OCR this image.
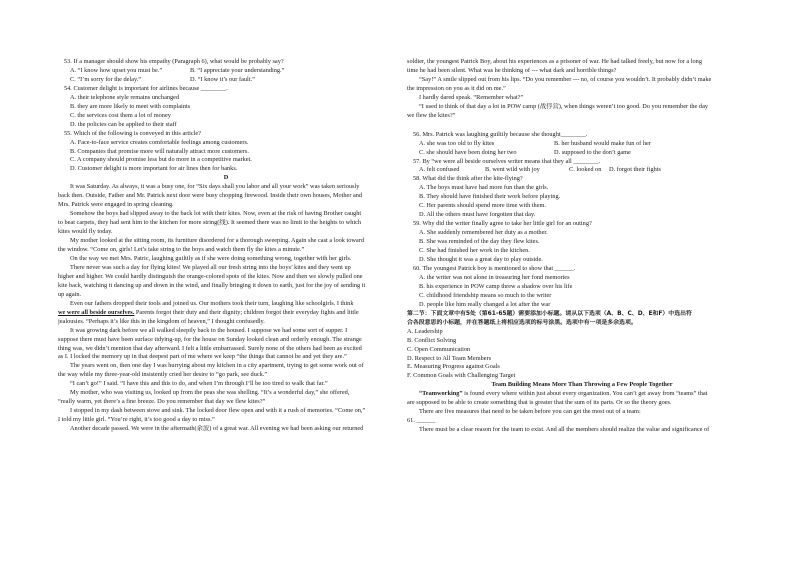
53. If a manager should show his empathy (Paragraph 6), what would be probably say?

A. “I know how upset you must be.”	B. “I appreciate your understanding.”
C. “I’m sorry for the delay.”	D. “I know it’s our fault.”

54. Customer delight is important for airlines because ________.

A. their telephone style remains unchanged

B. they are more likely to meet with complaints

C. the services cost them a lot of money

D. the policies can be applied to their staff

55. Which of the following is conveyed in this article?

A. Face-to-face service creates comfortable feelings among customers.

B. Companies that promise more will naturally attract more customers.

C. A company should promise less but do more in a competitive market.

D. Customer delight is more important for air lines then for banks.

D

It was Saturday. As always, it was a busy one, for “Six days shall you labor and all your work” was taken seriously

back then. Outside, Father and Mr. Patrick next door were busy chopping firewood. Inside their own houses, Mother and

Mrs. Patrick were engaged in spring cleaning.

Somehow the boys had slipped away to the back lot with their kites. Now, even at the risk of having Brother caught

to beat carpets, they had sent him to the kitchen for more string(线). It seemed there was no limit to the heights to which

kites would fly today.

My mother looked at the sitting room, its furniture disordered for a thorough sweeping. Again she cast a look toward

the window. “Come on, girls! Let’s take string to the boys and watch them fly the kites a minute.”

On the way we met Mrs. Patric, laughing guiltily as if she were doing something wrong, together with her girls.

There never was such a day for flying kites! We played all our fresh string into the boys’ kites and they went up

higher and higher. We could hardly distinguish the orange-colored spots of the kites. Now and then we slowly pulled one

kite back, watching it dancing up and down in the wind, and finally bringing it down to earth, just for the joy of sending it

up again.

Even our fathers dropped their tools and joined us. Our mothers took their turn, laughing like schoolgirls. I think

we were all beside ourselves. Parents forgot their duty and their dignity; children forgot their everyday fights and little

jealousies. “Perhaps it’s like this in the kingdom of heaven,” I thought confusedly.

It was growing dark before we all walked sleepily back to the housed. I suppose we had some sort of supper. I

suppose there must have been surface tidying-up, for the house on Sunday looked clean and orderly enough. The strange

thing was, we didn’t mention that day afterward. I felt a little embarrassed. Surely none of the others had been as excited

as I. I locked the memory up in that deepest part of me where we keep “the things that cannot be and yet they are.”

The years went on, then one day I was hurrying about my kitchen in a city apartment, trying to get some work out of

the way while my three-year-old insistently cried her desire to “go park, see duck.”

“I can’t go!” I said. “I have this and this to do, and when I’m through I’ll be too tired to walk that far.”

My mother, who was visiting us, looked up from the peas she was shelling. “It’s a wonderful day,” she offered,

“really warm, yet there’s a fine breeze. Do you remember that day we flew kites?”

I stopped in my dash between stove and sink. The locked door flew open and with it a rush of memories. “Come on,”

I told my little girl. “You’re right, it’s too good a day to miss.”

Another decade passed. We were in the aftermath(余波) of a great war. All evening we had been asking our returned

soldier, the youngest Patrick Boy, about his experiences as a prisoner of war. He had talked freely, but now for a long

time he had been silent. What was he thinking of --- what dark and horrible things?

“Say!” A smile slipped out from his lips. “Do you remember --- no, of course you wouldn’t. It probably didn’t make

the impression on you as it did on me.”

I hardly dared speak. “Remember what?”

“I used to think of that day a lot in POW camp (战俘营), when things weren’t too good. Do you remember the day

we flew the kites?”

56. Mrs. Patrick was laughing guiltily because she thought________.

A. she was too old to fly kites	B. her husband would make fun of her
C. she should have been doing her two	D. supposed to the don’t game

57. By “we were all beside ourselves writer means that they all ________.

A. felt confused	B. went wild with joy	C. looked on	D. forgot their fights

58. What did the think after the kite-flying?

A. The boys must have had more fun than the girls.

B. They should have finished their work before playing.

C. Her parents should spend more time with them.

D. All the others must have forgotten that day.

59. Why did the writer finally agree to take her little girl for an outing?

A. She suddenly remembered her duty as a mother.

B. She was reminded of the day they flew kites.

C. She had finished her work in the kitchen.

D. She thought it was a great day to play outside.

60. The youngest Patrick boy is mentioned to show that ______.

A. the writer was not alone in treasuring her fond memories

B. his experience in POW camp threw a shadow over his life

C. childhood friendship means so much to the writer

D. people like him really changed a lot after the war

第二节：下面文章中有5处（第61-65题）需要添加小标题。请从以下选项（A、B、C、D、E和F）中选出符

合各段意思的小标题，并在答题纸上将相应选项的标号涂黑。选项中有一项是多余选项。

A. Leadership

B. Conflict Solving

C. Open Communication

D. Respect to All Team Members

E. Measuring Progress against Goals

F. Common Goals with Challenging Target

Team Building Means More Than Throwing a Few People Together

“Teamworking” is found every where within just about every organization. You can’t get away from “teams” that

are supposed to be able to create something that is greater that the sum of its parts. Or so the theory goes.

There are five measures that need to be taken before you can get the most out of a team:

61. ______

There must be a clear reason for the team to exist. And all the members should realize the value and significance of
